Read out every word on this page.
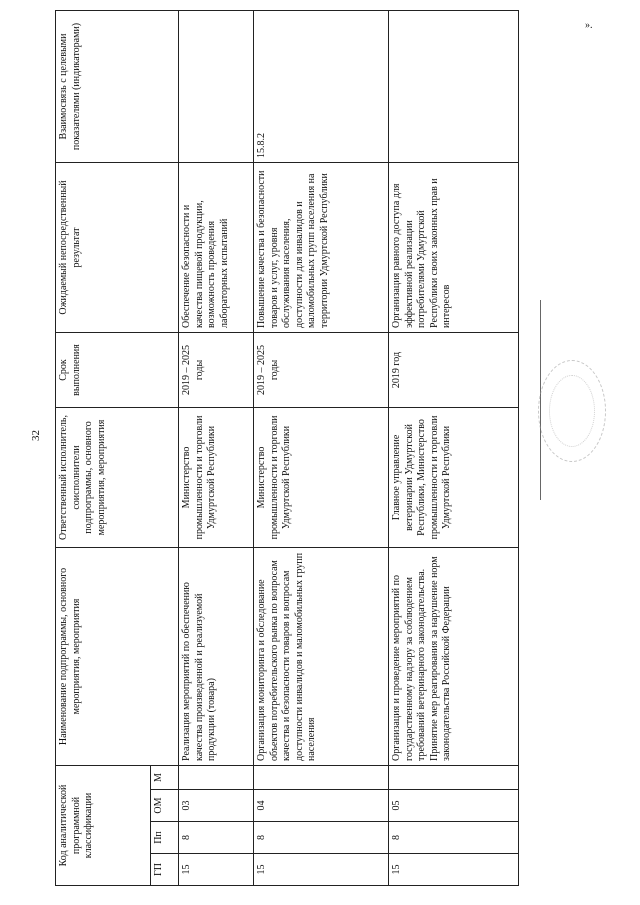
32
».
Код аналитической программной классификации				Наименование подпрограммы, основного мероприятия, мероприятия	Ответственный исполнитель, соисполнители подпрограммы, основного мероприятия, мероприятия	Срок выполнения	Ожидаемый непосредственный результат	Взаимосвязь с целевыми показателями (индикаторами)
ГП	Пп	ОМ	М					
15	8	03		Реализация мероприятий по обеспечению качества произведенной и реализуемой продукции (товара)	Министерство промышленности и торговли Удмуртской Республики	2019 – 2025 годы	Обеспечение безопасности и качества пищевой продукции, возможность проведения лабораторных испытаний	
15	8	04		Организация мониторинга и обследование объектов потребительского рынка по вопросам качества и безопасности товаров и вопросам доступности инвалидов и маломобильных групп населения	Министерство промышленности и торговли Удмуртской Республики	2019 – 2025 годы	Повышение качества и безопасности товаров и услуг, уровня обслуживания населения, доступности для инвалидов и маломобильных групп населения на территории Удмуртской Республики	15.8.2
15	8	05		Организация и проведение мероприятий по государственному надзору за соблюдением требований ветеринарного законодательства. Принятие мер реагирования за нарушение норм законодательства Российской Федерации	Главное управление ветеринарии Удмуртской Республики, Министерство промышленности и торговли Удмуртской Республики	2019 год	Организация равного доступа для эффективной реализации потребителями Удмуртской Республики своих законных прав и интересов	
